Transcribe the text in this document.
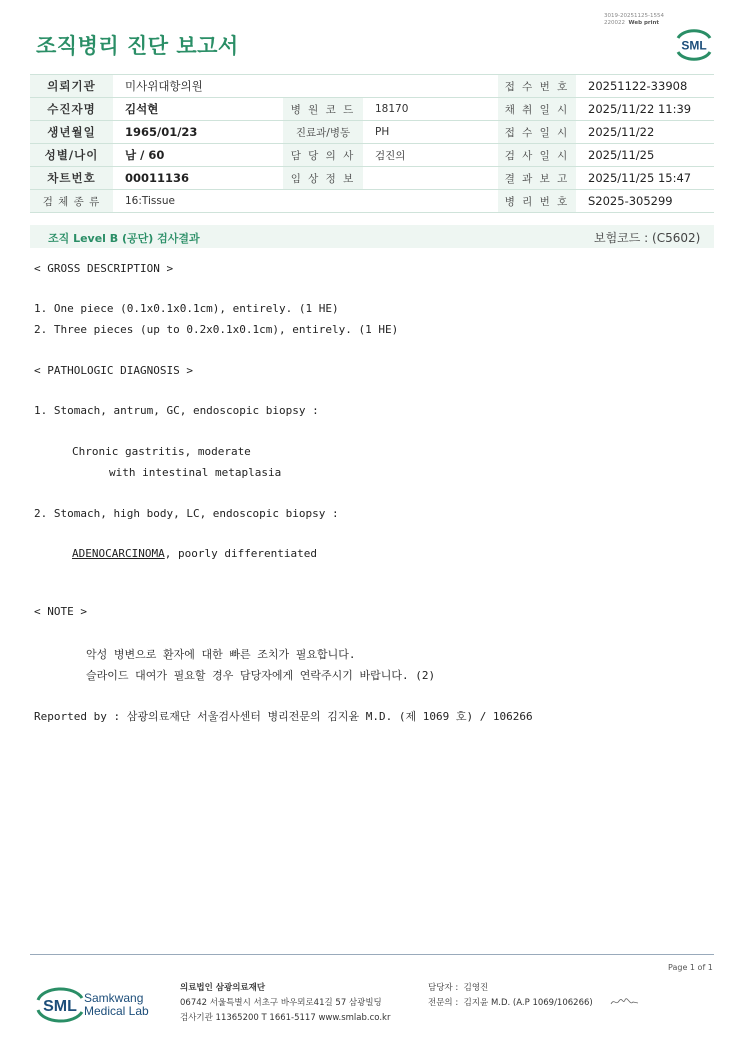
조직병리 진단 보고서
3019-20251125-1554
220022 Web print
SML
의뢰기관	미사위대항의원			접 수 번 호	20251122-33908
수진자명	김석현	병 원 코 드	18170	채 취 일 시	2025/11/22 11:39
생년월일	1965/01/23	진료과/병동	PH	접 수 일 시	2025/11/22
성별/나이	남 / 60	담 당 의 사	검진의	검 사 일 시	2025/11/25
차트번호	00011136	임 상 정 보		결 과 보 고	2025/11/25 15:47
검 체 종 류	16:Tissue			병 리 번 호	S2025-305299
조직 Level B (공단) 검사결과	보험코드 : (C5602)
< GROSS DESCRIPTION >
1. One piece (0.1x0.1x0.1cm), entirely. (1 HE)
2. Three pieces (up to 0.2x0.1x0.1cm), entirely. (1 HE)
< PATHOLOGIC DIAGNOSIS >
1. Stomach, antrum, GC, endoscopic biopsy :
Chronic gastritis, moderate
with intestinal metaplasia
2. Stomach, high body, LC, endoscopic biopsy :
ADENOCARCINOMA, poorly differentiated
< NOTE >
악성 병변으로 환자에 대한 빠른 조치가 필요합니다.
슬라이드 대여가 필요할 경우 담당자에게 연락주시기 바랍니다. (2)
Reported by : 삼광의료재단 서울검사센터 병리전문의 김지윤 M.D. (제 1069 호) / 106266
Page 1 of 1
SML Samkwang
Medical Lab
의료법인 삼광의료재단
06742 서울특별시 서초구 바우뫼로41길 57 삼광빌딩
검사기관 11365200 T 1661-5117 www.smlab.co.kr
담당자 : 김영진
전문의 : 김지윤 M.D. (A.P 1069/106266)
